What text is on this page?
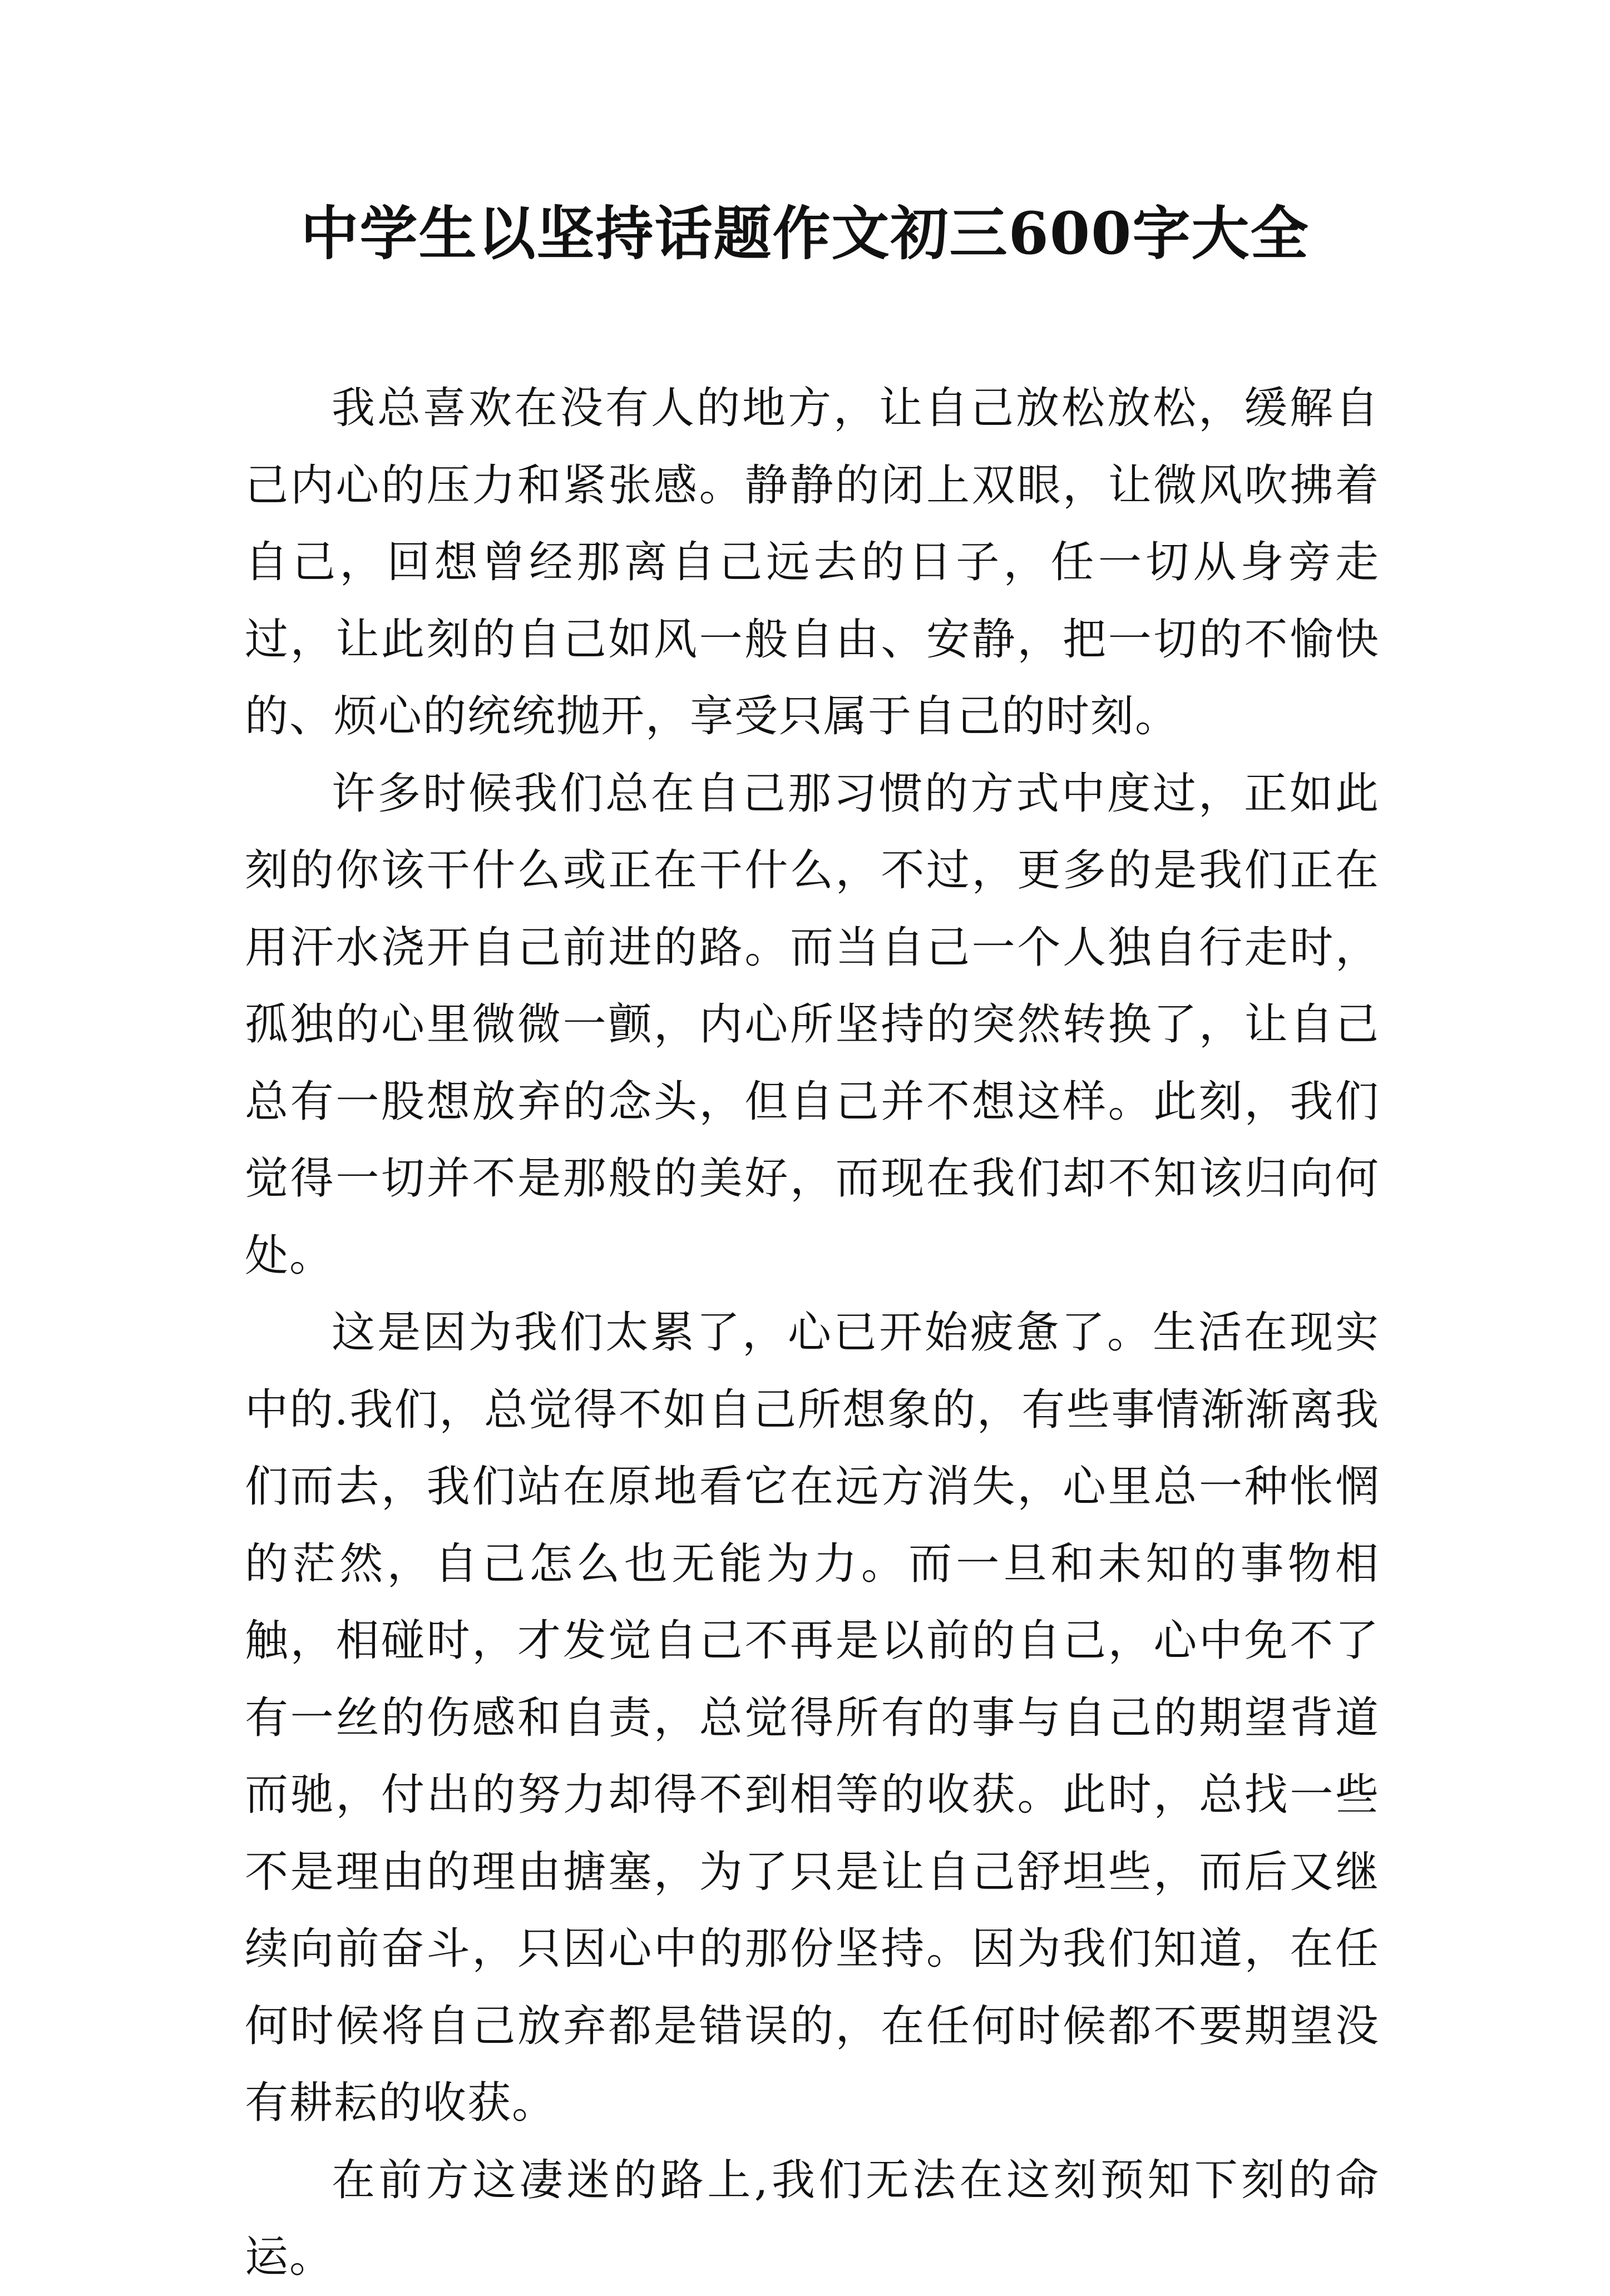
中学生以坚持话题作文初三600字大全

我总喜欢在没有人的地方，让自己放松放松，缓解自己内心的压力和紧张感。静静的闭上双眼，让微风吹拂着自己，回想曾经那离自己远去的日子，任一切从身旁走过，让此刻的自己如风一般自由、安静，把一切的不愉快的、烦心的统统抛开，享受只属于自己的时刻。

许多时候我们总在自己那习惯的方式中度过，正如此刻的你该干什么或正在干什么，不过，更多的是我们正在用汗水浇开自己前进的路。而当自己一个人独自行走时，孤独的心里微微一颤，内心所坚持的突然转换了，让自己总有一股想放弃的念头，但自己并不想这样。此刻，我们觉得一切并不是那般的美好，而现在我们却不知该归向何处。

这是因为我们太累了，心已开始疲惫了。生活在现实中的.我们，总觉得不如自己所想象的，有些事情渐渐离我们而去，我们站在原地看它在远方消失，心里总一种怅惘的茫然，自己怎么也无能为力。而一旦和未知的事物相触，相碰时，才发觉自己不再是以前的自己，心中免不了有一丝的伤感和自责，总觉得所有的事与自己的期望背道而驰，付出的努力却得不到相等的收获。此时，总找一些不是理由的理由搪塞，为了只是让自己舒坦些，而后又继续向前奋斗，只因心中的那份坚持。因为我们知道，在任何时候将自己放弃都是错误的，在任何时候都不要期望没有耕耘的收获。

在前方这凄迷的路上,我们无法在这刻预知下刻的命运。
